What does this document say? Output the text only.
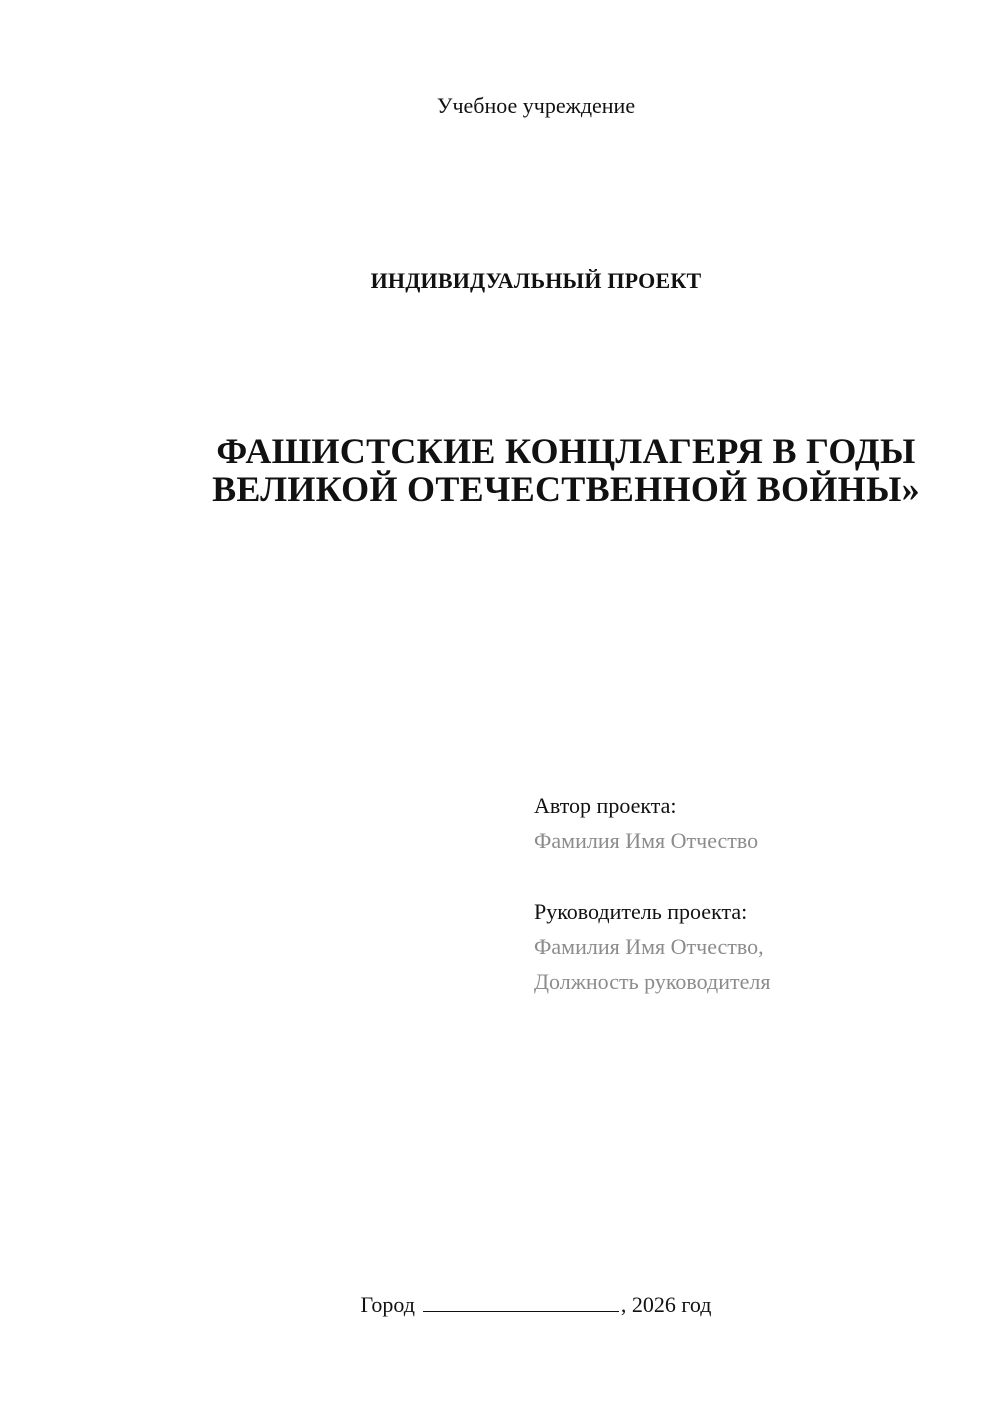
Учебное учреждение
ИНДИВИДУАЛЬНЫЙ ПРОЕКТ
ФАШИСТСКИЕ КОНЦЛАГЕРЯ В ГОДЫ
ВЕЛИКОЙ ОТЕЧЕСТВЕННОЙ ВОЙНЫ»
Автор проекта:
Фамилия Имя Отчество
Руководитель проекта:
Фамилия Имя Отчество,
Должность руководителя
Город	, 2026 год
